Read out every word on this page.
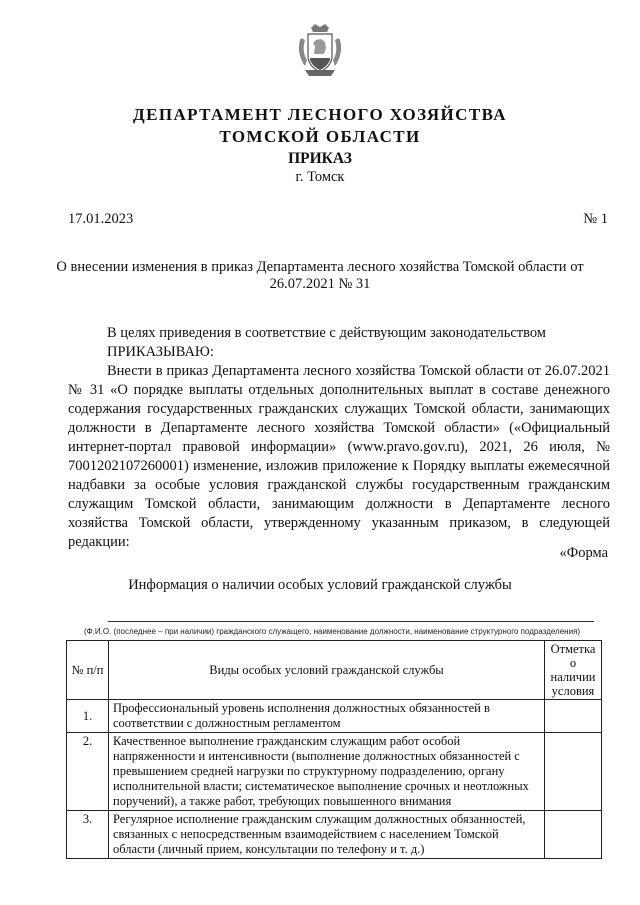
ДЕПАРТАМЕНТ ЛЕСНОГО ХОЗЯЙСТВА
ТОМСКОЙ ОБЛАСТИ
ПРИКАЗ
г. Томск
17.01.2023	№ 1
О внесении изменения в приказ Департамента лесного хозяйства Томской области от
26.07.2021 № 31
В целях приведения в соответствие с действующим законодательством
ПРИКАЗЫВАЮ:

Внести в приказ Департамента лесного хозяйства Томской области от 26.07.2021 № 31 «О порядке выплаты отдельных дополнительных выплат в составе денежного содержания государственных гражданских служащих Томской области, занимающих должности в Департаменте лесного хозяйства Томской области» («Официальный интернет-портал правовой информации» (www.pravo.gov.ru), 2021, 26 июля, № 7001202107260001) изменение, изложив приложение к Порядку выплаты ежемесячной надбавки за особые условия гражданской службы государственным гражданским служащим Томской области, занимающим должности в Департаменте лесного хозяйства Томской области, утвержденному указанным приказом, в следующей редакции:

«Форма
Информация о наличии особых условий гражданской службы
(Ф.И.О. (последнее – при наличии) гражданского служащего, наименование должности, наименование структурного подразделения)
№ п/п	Виды особых условий гражданской службы	Отметка о наличии условия
1.	Профессиональный уровень исполнения должностных обязанностей в соответствии с должностным регламентом	
2.	Качественное выполнение гражданским служащим работ особой напряженности и интенсивности (выполнение должностных обязанностей с превышением средней нагрузки по структурному подразделению, органу исполнительной власти; систематическое выполнение срочных и неотложных поручений), а также работ, требующих повышенного внимания	
3.	Регулярное исполнение гражданским служащим должностных обязанностей, связанных с непосредственным взаимодействием с населением Томской области (личный прием, консультации по телефону и т. д.)	
